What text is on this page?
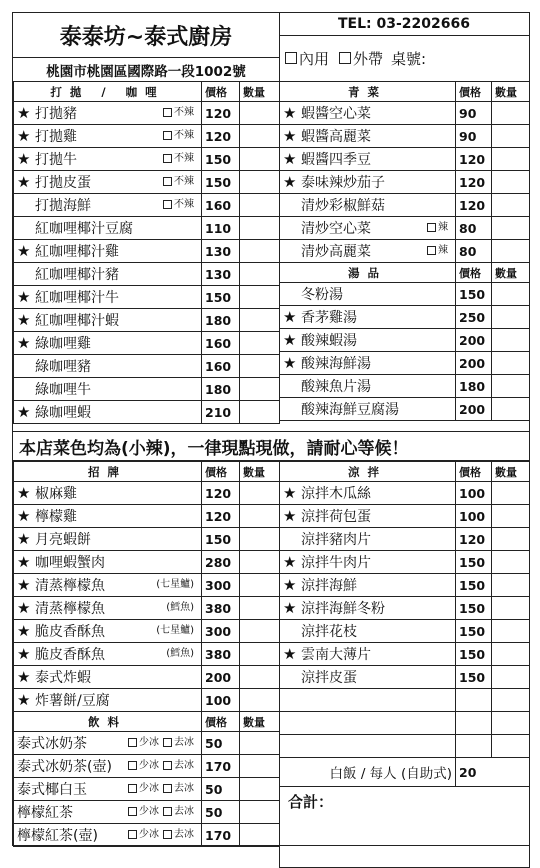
泰泰坊~泰式廚房
桃園市桃園區國際路一段1002號
TEL: 03-2202666
內用 外帶 桌號:
打拋 / 咖哩	價格	數量
★ 打拋豬 不辣	120	
★ 打拋雞 不辣	120	
★ 打拋牛 不辣	150	
★ 打拋皮蛋 不辣	150	
打拋海鮮 不辣	160	
紅咖哩椰汁豆腐	110	
★ 紅咖哩椰汁雞	130	
紅咖哩椰汁豬	130	
★ 紅咖哩椰汁牛	150	
★ 紅咖哩椰汁蝦	180	
★ 綠咖哩雞	160	
綠咖哩豬	160	
綠咖哩牛	180	
★ 綠咖哩蝦	210	
青菜	價格	數量
★ 蝦醬空心菜	90	
★ 蝦醬高麗菜	90	
★ 蝦醬四季豆	120	
★ 泰味辣炒茄子	120	
清炒彩椒鮮菇	120	
清炒空心菜 辣	80	
清炒高麗菜 辣	80	
湯品	價格	數量
冬粉湯	150	
★ 香茅雞湯	250	
★ 酸辣蝦湯	200	
★ 酸辣海鮮湯	200	
酸辣魚片湯	180	
酸辣海鮮豆腐湯	200	
本店菜色均為(小辣)，一律現點現做，請耐心等候！
招牌	價格	數量
★ 椒麻雞	120	
★ 檸檬雞	120	
★ 月亮蝦餅	150	
★ 咖哩蝦蟹肉	280	
★ 清蒸檸檬魚 (七星鱸)	300	
★ 清蒸檸檬魚 (鱈魚)	380	
★ 脆皮香酥魚 (七星鱸)	300	
★ 脆皮香酥魚 (鱈魚)	380	
★ 泰式炸蝦	200	
★ 炸薯餅/豆腐	100	
飲料	價格	數量
泰式冰奶茶 少冰 去冰	50	
泰式冰奶茶(壺) 少冰 去冰	170	
泰式椰白玉 少冰 去冰	50	
檸檬紅茶 少冰 去冰	50	
檸檬紅茶(壺) 少冰 去冰	170	
涼拌	價格	數量
★ 涼拌木瓜絲	100	
★ 涼拌荷包蛋	100	
涼拌豬肉片	120	
★ 涼拌牛肉片	150	
★ 涼拌海鮮	150	
★ 涼拌海鮮冬粉	150	
涼拌花枝	150	
★ 雲南大薄片	150	
涼拌皮蛋	150	

白飯 / 每人 (自助式)	20	
合計：		
